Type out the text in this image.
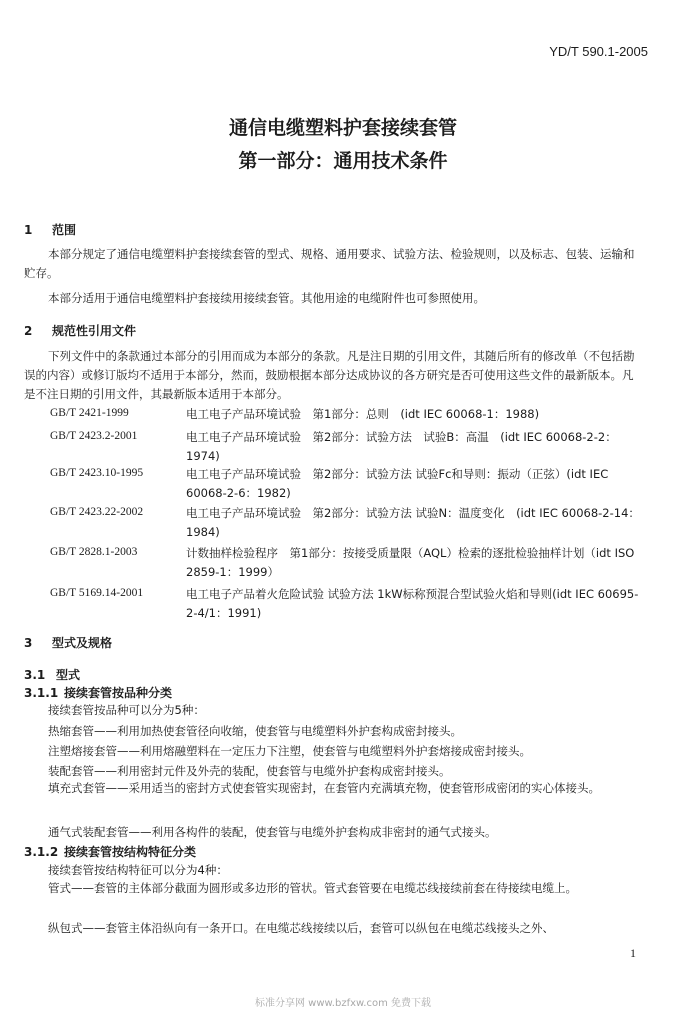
YD/T 590.1-2005
通信电缆塑料护套接续套管
第一部分：通用技术条件
1 范围
本部分规定了通信电缆塑料护套接续套管的型式、规格、通用要求、试验方法、检验规则，以及标志、包装、运输和贮存。
本部分适用于通信电缆塑料护套接续用接续套管。其他用途的电缆附件也可参照使用。
2 规范性引用文件
下列文件中的条款通过本部分的引用而成为本部分的条款。凡是注日期的引用文件，其随后所有的修改单（不包括勘误的内容）或修订版均不适用于本部分，然而，鼓励根据本部分达成协议的各方研究是否可使用这些文件的最新版本。凡是不注日期的引用文件，其最新版本适用于本部分。
GB/T 2421-1999	电工电子产品环境试验　第1部分：总则　(idt IEC 60068-1：1988)
GB/T 2423.2-2001	电工电子产品环境试验　第2部分：试验方法　试验B：高温　(idt IEC 60068-2-2：1974)
GB/T 2423.10-1995	电工电子产品环境试验　第2部分：试验方法 试验Fc和导则：振动（正弦）(idt IEC 60068-2-6：1982)
GB/T 2423.22-2002	电工电子产品环境试验　第2部分：试验方法 试验N：温度变化　(idt IEC 60068-2-14：1984)
GB/T 2828.1-2003	计数抽样检验程序　第1部分：按接受质量限（AQL）检索的逐批检验抽样计划（idt ISO 2859-1：1999）
GB/T 5169.14-2001	电工电子产品着火危险试验 试验方法 1kW标称预混合型试验火焰和导则(idt IEC 60695-2-4/1：1991)
3 型式及规格
3.1 型式
3.1.1 接续套管按品种分类
接续套管按品种可以分为5种：
热缩套管——利用加热使套管径向收缩，使套管与电缆塑料外护套构成密封接头。
注塑熔接套管——利用熔融塑料在一定压力下注塑，使套管与电缆塑料外护套熔接成密封接头。
装配套管——利用密封元件及外壳的装配，使套管与电缆外护套构成密封接头。
填充式套管——采用适当的密封方式使套管实现密封，在套管内充满填充物，使套管形成密闭的实心体接头。
通气式装配套管——利用各构件的装配，使套管与电缆外护套构成非密封的通气式接头。
3.1.2 接续套管按结构特征分类
接续套管按结构特征可以分为4种：
管式——套管的主体部分截面为圆形或多边形的管状。管式套管要在电缆芯线接续前套在待接续电缆上。
纵包式——套管主体沿纵向有一条开口。在电缆芯线接续以后，套管可以纵包在电缆芯线接头之外、
1
标准分享网 www.bzfxw.com 免费下载
